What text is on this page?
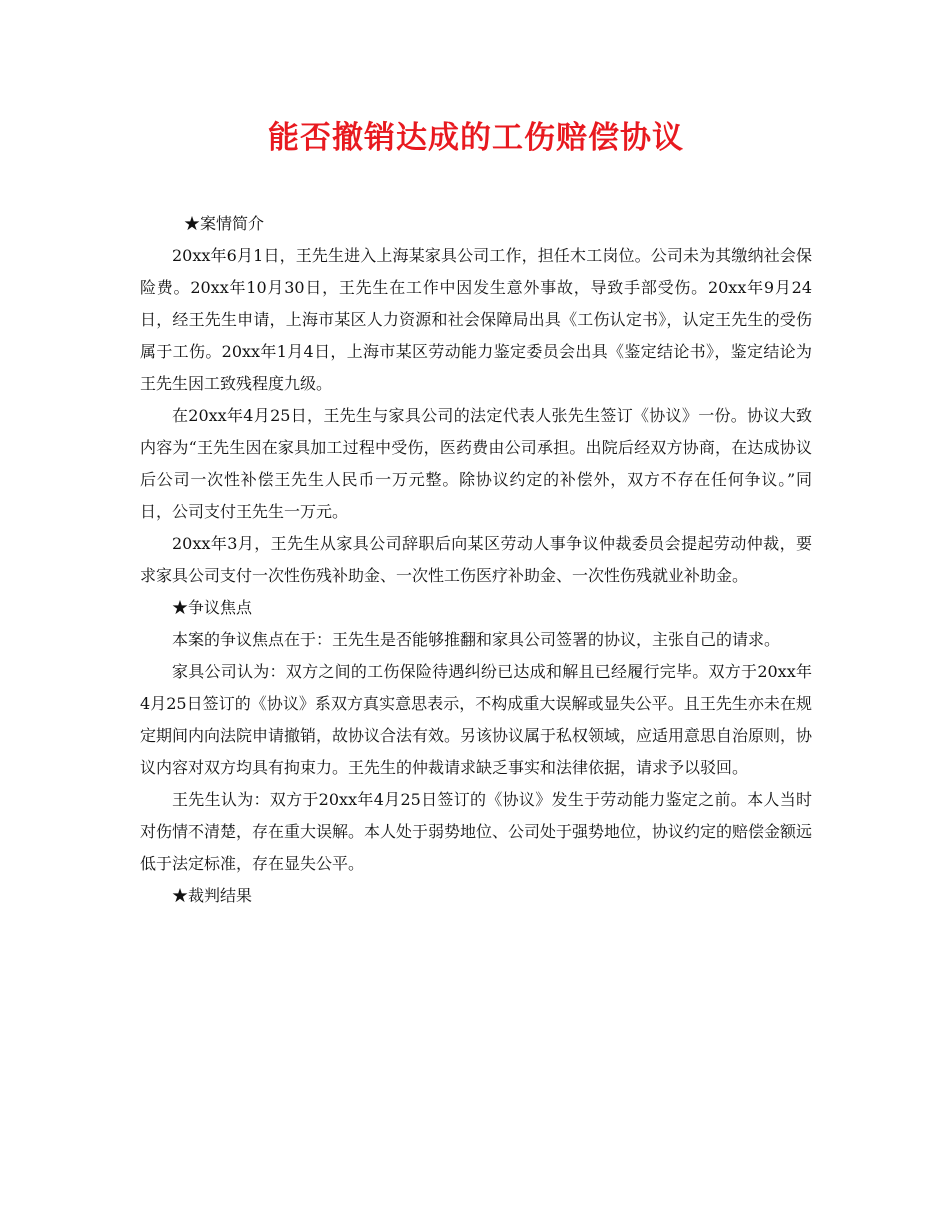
能否撤销达成的工伤赔偿协议

★案情简介

20xx年6月1日，王先生进入上海某家具公司工作，担任木工岗位。公司未为其缴纳社会保险费。20xx年10月30日，王先生在工作中因发生意外事故，导致手部受伤。20xx年9月24日，经王先生申请，上海市某区人力资源和社会保障局出具《工伤认定书》，认定王先生的受伤属于工伤。20xx年1月4日，上海市某区劳动能力鉴定委员会出具《鉴定结论书》，鉴定结论为王先生因工致残程度九级。

在20xx年4月25日，王先生与家具公司的法定代表人张先生签订《协议》一份。协议大致内容为“王先生因在家具加工过程中受伤，医药费由公司承担。出院后经双方协商，在达成协议后公司一次性补偿王先生人民币一万元整。除协议约定的补偿外，双方不存在任何争议。”同日，公司支付王先生一万元。

20xx年3月，王先生从家具公司辞职后向某区劳动人事争议仲裁委员会提起劳动仲裁，要求家具公司支付一次性伤残补助金、一次性工伤医疗补助金、一次性伤残就业补助金。

★争议焦点

本案的争议焦点在于：王先生是否能够推翻和家具公司签署的协议，主张自己的请求。

家具公司认为：双方之间的工伤保险待遇纠纷已达成和解且已经履行完毕。双方于20xx年4月25日签订的《协议》系双方真实意思表示，不构成重大误解或显失公平。且王先生亦未在规定期间内向法院申请撤销，故协议合法有效。另该协议属于私权领域，应适用意思自治原则，协议内容对双方均具有拘束力。王先生的仲裁请求缺乏事实和法律依据，请求予以驳回。

王先生认为：双方于20xx年4月25日签订的《协议》发生于劳动能力鉴定之前。本人当时对伤情不清楚，存在重大误解。本人处于弱势地位、公司处于强势地位，协议约定的赔偿金额远低于法定标准，存在显失公平。

★裁判结果
